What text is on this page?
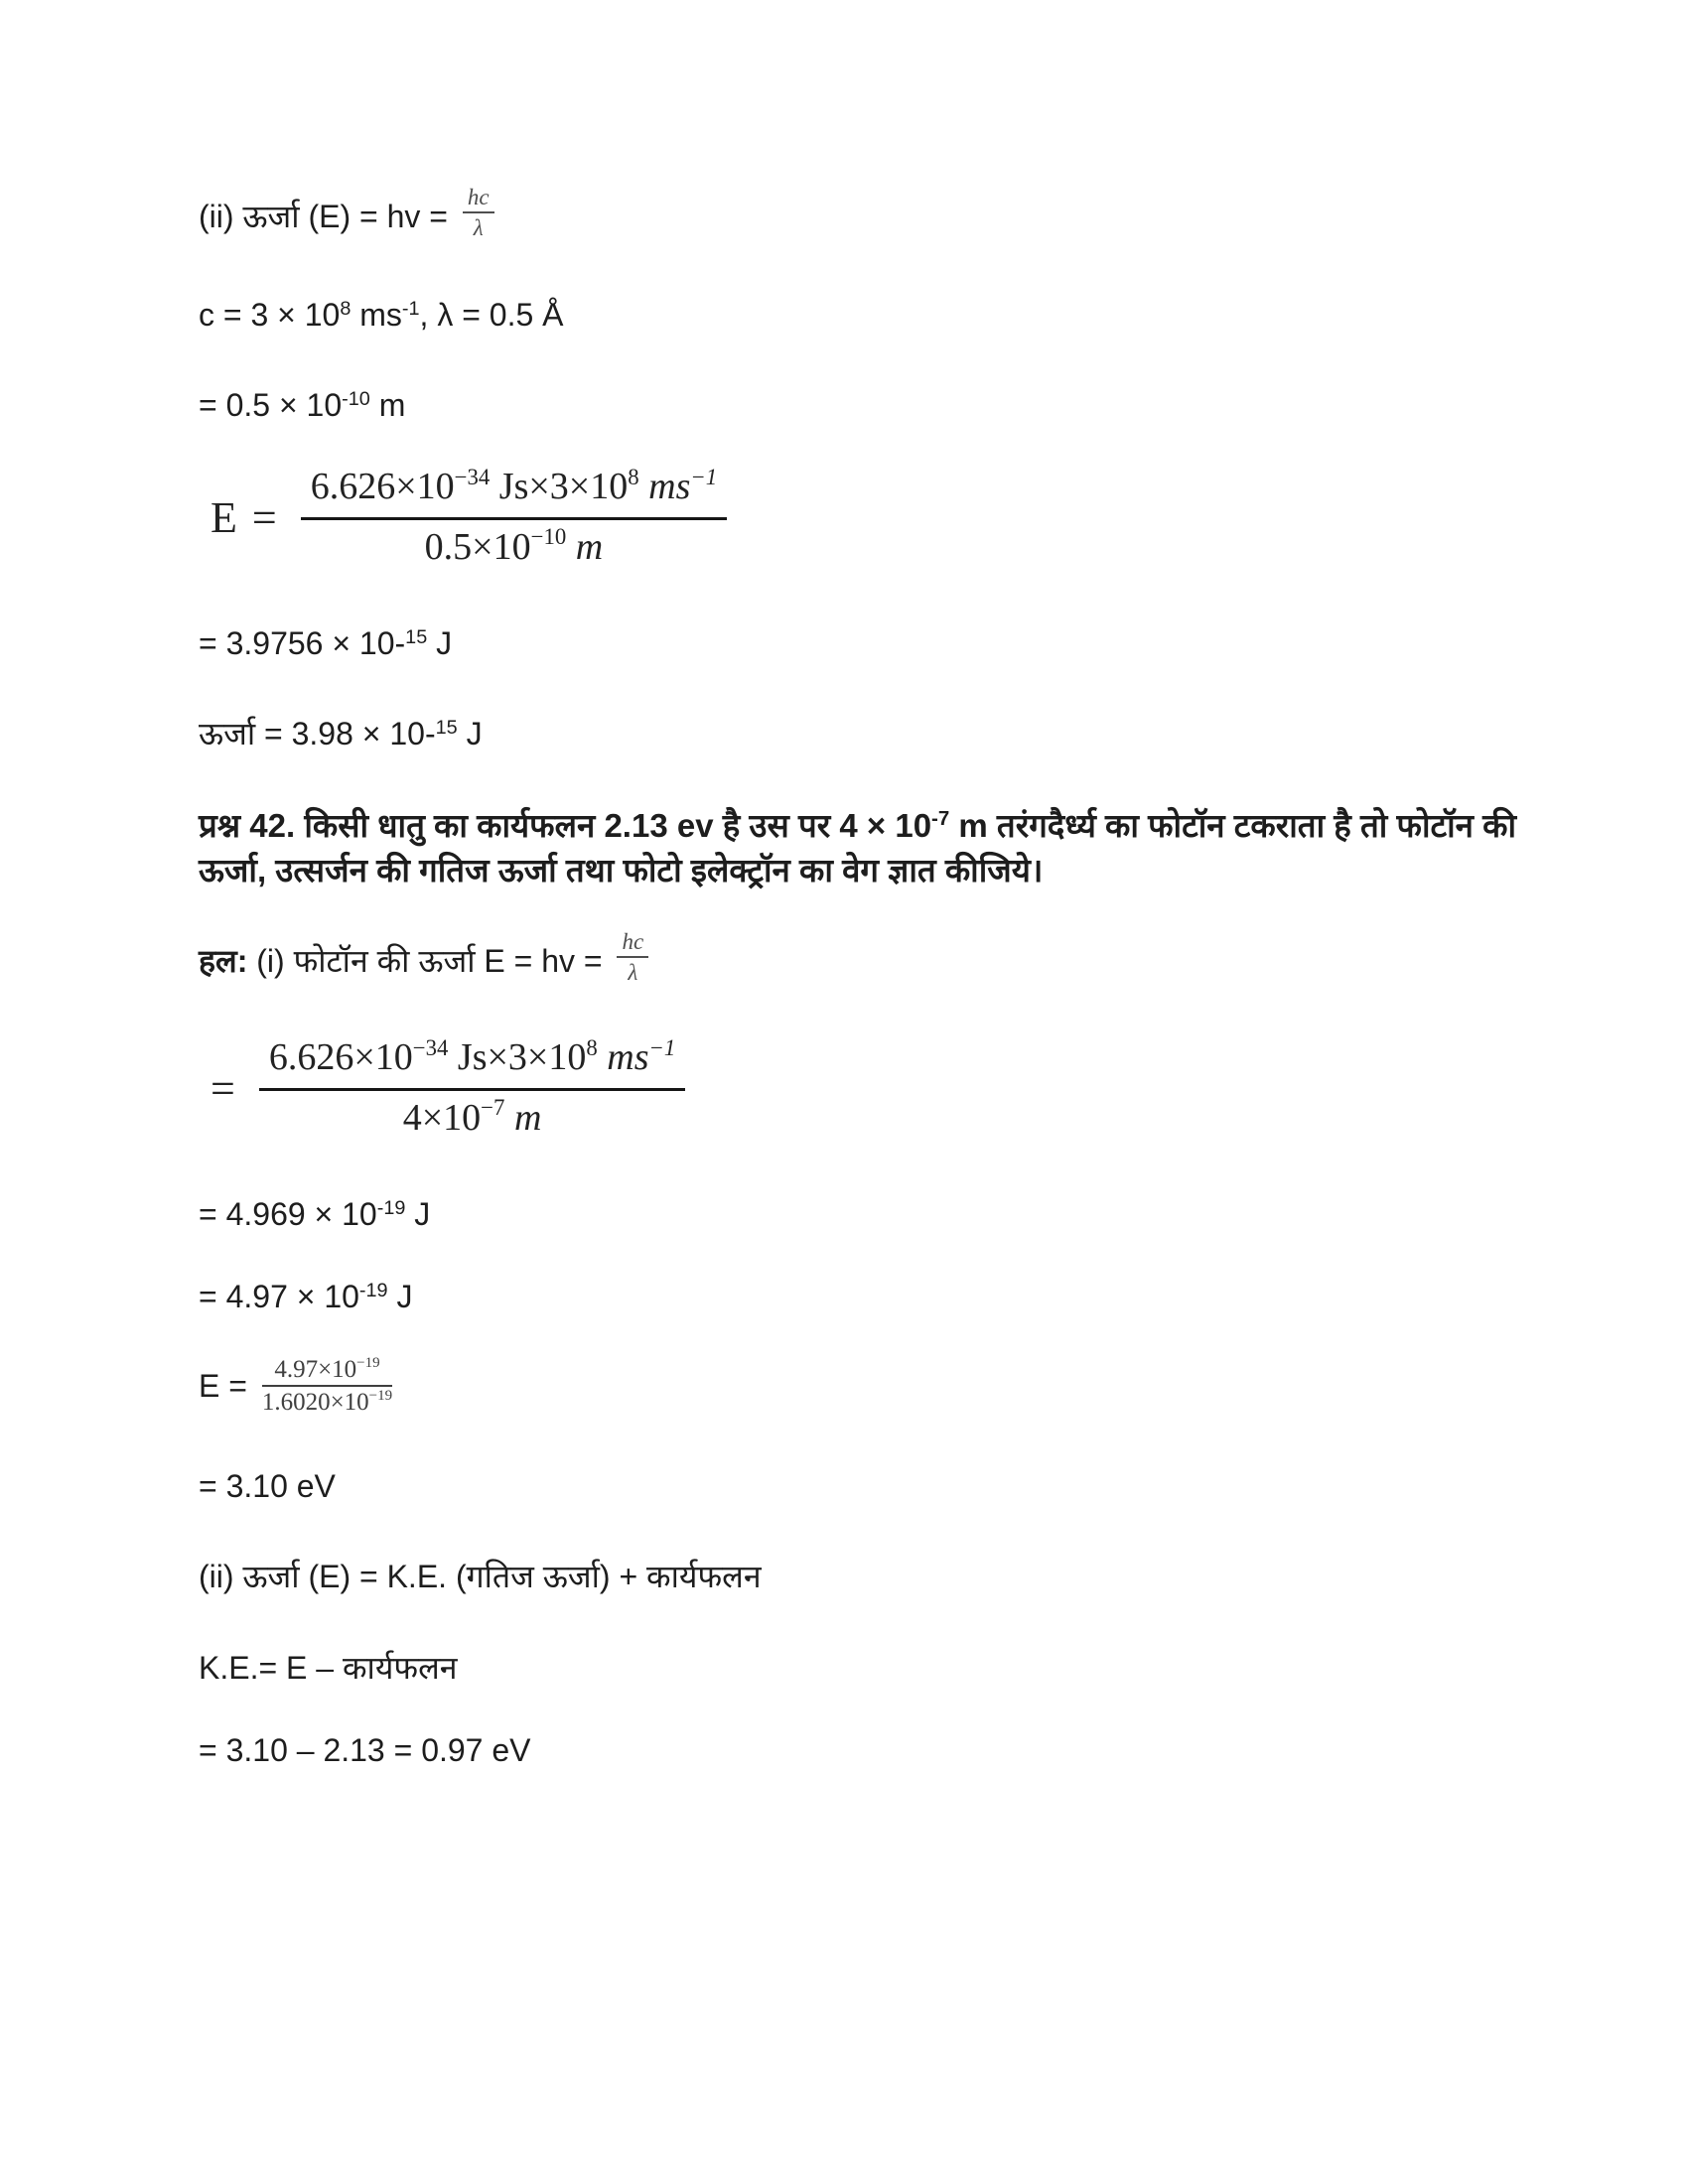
(ii) ऊर्जा (E) = hv = $\frac{hc}{\lambda}$

$c = 3 \times 10^8$ $ms^{-1}$, λ = 0.5 Å

= $0.5 \times 10^{-10}$ m

$E = \frac{6.626\times 10^{-34} Js\times 3\times 10^8 ms^{-1}}{0.5\times 10^{-10} m}$

= 3.9756 × 10-$^{15}$ J

ऊर्जा = 3.98 × 10-$^{15}$ J

प्रश्न 42. किसी धातु का कार्यफलन 2.13 ev है उस पर $4 \times 10^{-7}$ m तरंगदैर्ध्य का फोटॉन टकराता है तो फोटॉन की ऊर्जा, उत्सर्जन की गतिज ऊर्जा तथा फोटो इलेक्ट्रॉन का वेग ज्ञात कीजिये।

हल: (i) फोटॉन की ऊर्जा E = hv = $\frac{hc}{\lambda}$

= $\frac{6.626\times 10^{-34} Js\times 3\times 10^8 ms^{-1}}{4\times 10^{-7} m}$

= $4.969 \times 10^{-19}$ J

= $4.97 \times 10^{-19}$ J

$E = \frac{4.97\times 10^{-19}}{1.6020\times 10^{-19}}$

= 3.10 eV

(ii) ऊर्जा (E) = K.E. (गतिज ऊर्जा) + कार्यफलन

K.E.= E – कार्यफलन

= 3.10 – 2.13 = 0.97 eV
